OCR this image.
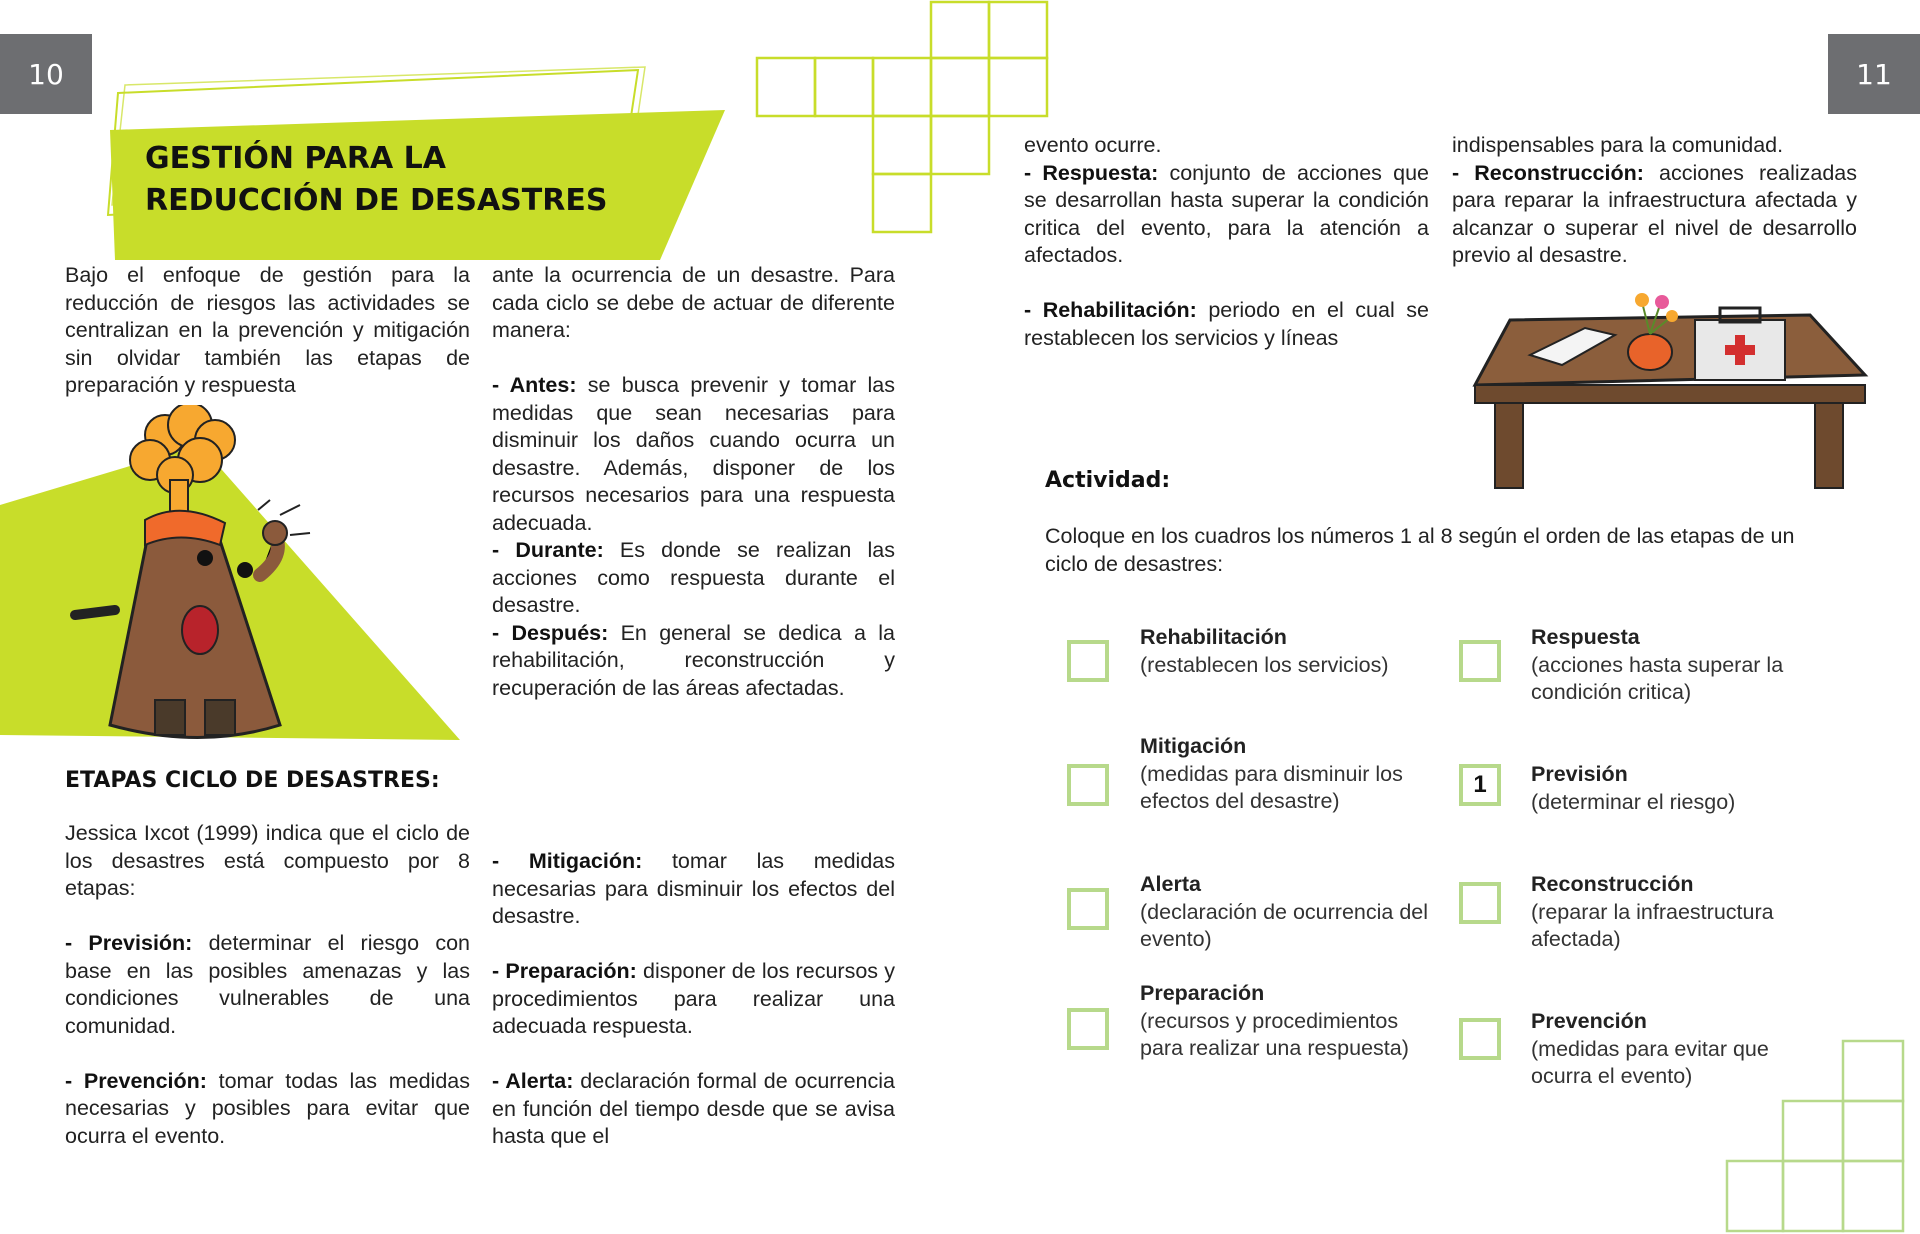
10	11
GESTIÓN PARA LA
REDUCCIÓN DE DESASTRES

Bajo el enfoque de gestión para la reducción de riesgos las actividades se centralizan en la prevención y mitigación sin olvidar también las etapas de preparación y respuesta

ante la ocurrencia de un desastre. Para cada ciclo se debe de actuar de diferente manera:

- Antes: se busca prevenir y tomar las medidas que sean necesarias para disminuir los daños cuando ocurra un desastre. Además, disponer de los recursos necesarios para una respuesta adecuada.

- Durante: Es donde se realizan las acciones como respuesta durante el desastre.

- Después: En general se dedica a la rehabilitación, reconstrucción y recuperación de las áreas afectadas.

ETAPAS CICLO DE DESASTRES:

Jessica Ixcot (1999) indica que el ciclo de los desastres está compuesto por 8 etapas:

- Previsión: determinar el riesgo con base en las posibles amenazas y las condiciones vulnerables de una comunidad.

- Prevención: tomar todas las medidas necesarias y posibles para evitar que ocurra el evento.

- Mitigación: tomar las medidas necesarias para disminuir los efectos del desastre.

- Preparación: disponer de los recursos y procedimientos para realizar una adecuada respuesta.

- Alerta: declaración formal de ocurrencia en función del tiempo desde que se avisa hasta que el

evento ocurre.

- Respuesta: conjunto de acciones que se desarrollan hasta superar la condición critica del evento, para la atención a afectados.

- Rehabilitación: periodo en el cual se restablecen los servicios y líneas

indispensables para la comunidad.

- Reconstrucción: acciones realizadas para reparar la infraestructura afectada y alcanzar o superar el nivel de desarrollo previo al desastre.

Actividad:

Coloque en los cuadros los números 1 al 8 según el orden de las etapas de un ciclo de desastres:

Rehabilitación
(restablecen los servicios)
Mitigación
(medidas para disminuir los efectos del desastre)
Alerta
(declaración de ocurrencia del evento)
Preparación
(recursos y procedimientos para realizar una respuesta)
Respuesta
(acciones hasta superar la condición critica)
1	Previsión
(determinar el riesgo)
Reconstrucción
(reparar la infraestructura afectada)
Prevención
(medidas para evitar que ocurra el evento)
